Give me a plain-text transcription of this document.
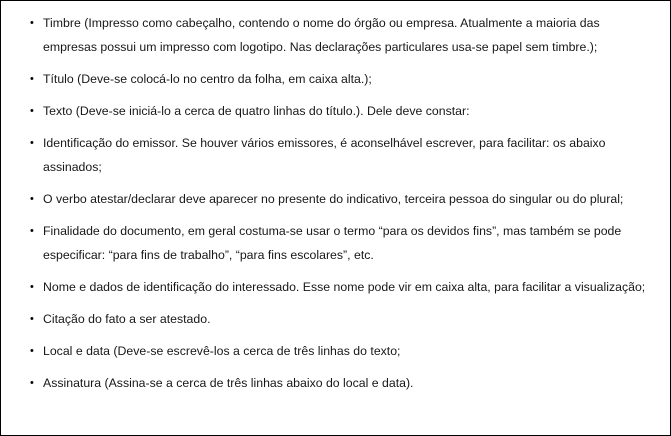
• Timbre (Impresso como cabeçalho, contendo o nome do órgão ou empresa. Atualmente a maioria das empresas possui um impresso com logotipo. Nas declarações particulares usa-se papel sem timbre.);
• Título (Deve-se colocá-lo no centro da folha, em caixa alta.);
• Texto (Deve-se iniciá-lo a cerca de quatro linhas do título.). Dele deve constar:
• Identificação do emissor. Se houver vários emissores, é aconselhável escrever, para facilitar: os abaixo assinados;
• O verbo atestar/declarar deve aparecer no presente do indicativo, terceira pessoa do singular ou do plural;
• Finalidade do documento, em geral costuma-se usar o termo “para os devidos fins”, mas também se pode especificar: “para fins de trabalho”, “para fins escolares”, etc.
• Nome e dados de identificação do interessado. Esse nome pode vir em caixa alta, para facilitar a visualização;
• Citação do fato a ser atestado.
• Local e data (Deve-se escrevê-los a cerca de três linhas do texto;
• Assinatura (Assina-se a cerca de três linhas abaixo do local e data).
